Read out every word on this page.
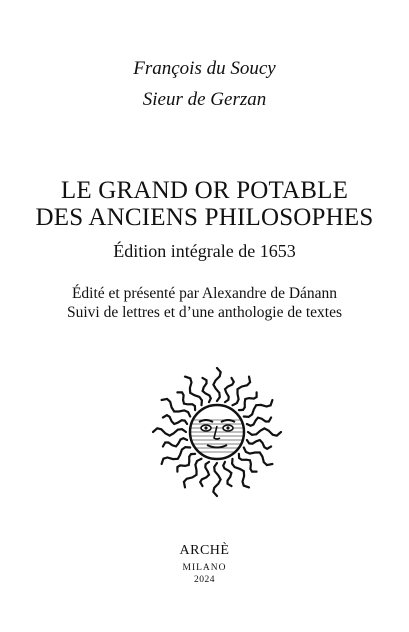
François du Soucy
Sieur de Gerzan
LE GRAND OR POTABLE
DES ANCIENS PHILOSOPHES
Édition intégrale de 1653
Édité et présenté par Alexandre de Dánann
Suivi de lettres et d’une anthologie de textes
ARCHÈ
MILANO
2024
